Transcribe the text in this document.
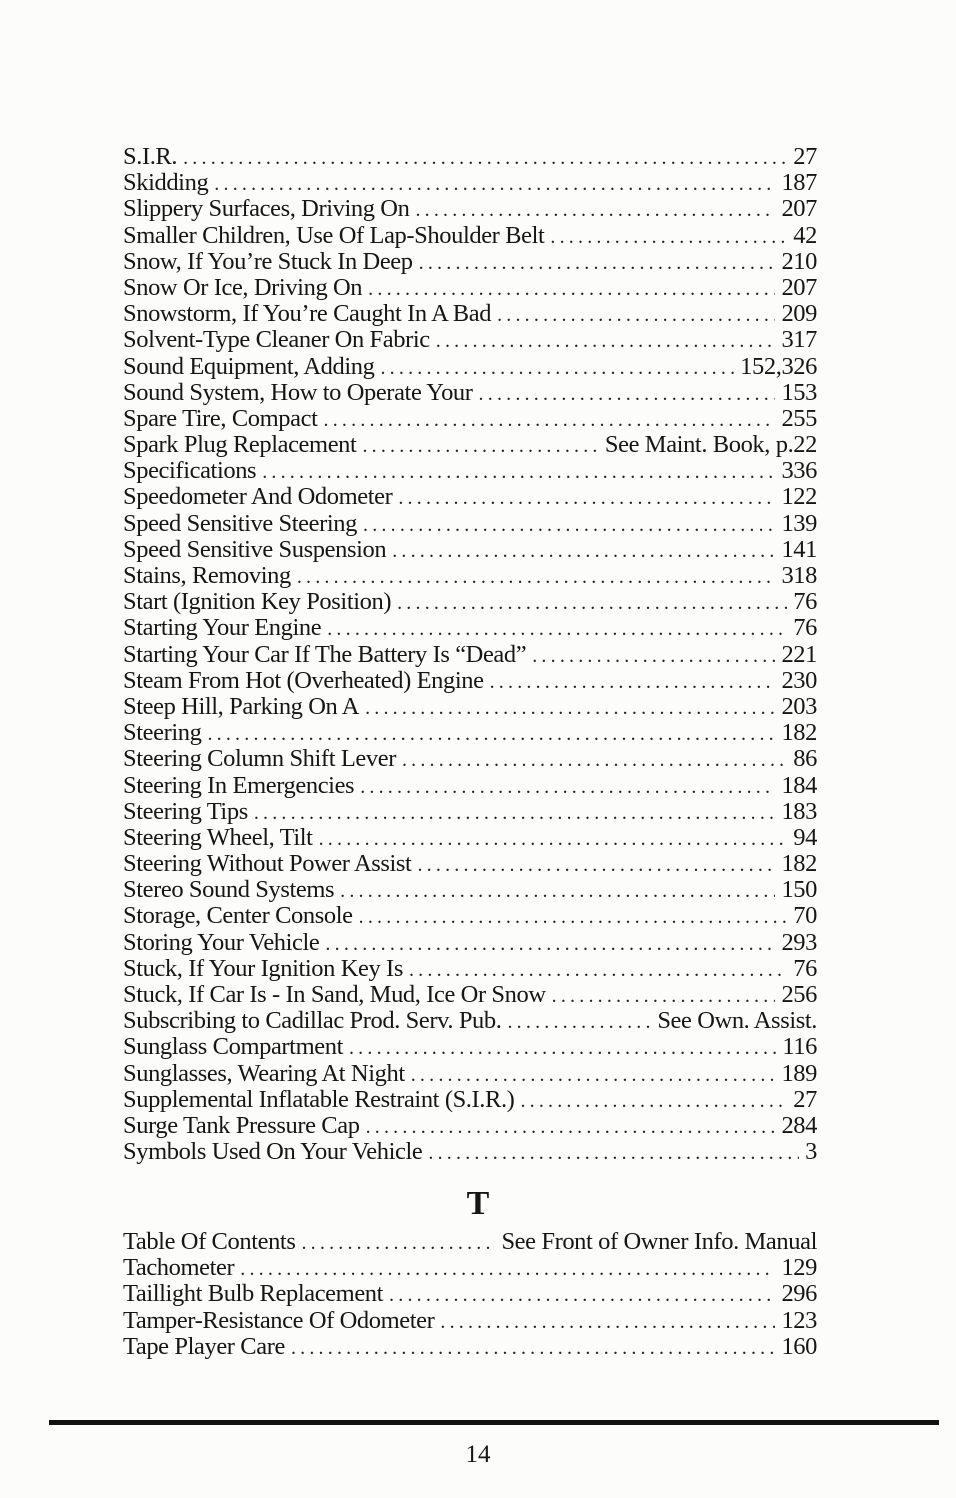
S.I.R. .....	27
Skidding .....	187
Slippery Surfaces, Driving On .....	207
Smaller Children, Use Of Lap-Shoulder Belt .....	42
Snow, If You’re Stuck In Deep .....	210
Snow Or Ice, Driving On .....	207
Snowstorm, If You’re Caught In A Bad .....	209
Solvent-Type Cleaner On Fabric .....	317
Sound Equipment, Adding .....	152,326
Sound System, How to Operate Your .....	153
Spare Tire, Compact .....	255
Spark Plug Replacement .....	See Maint. Book, p.22
Specifications .....	336
Speedometer And Odometer .....	122
Speed Sensitive Steering .....	139
Speed Sensitive Suspension .....	141
Stains, Removing .....	318
Start (Ignition Key Position) .....	76
Starting Your Engine .....	76
Starting Your Car If The Battery Is “Dead” .....	221
Steam From Hot (Overheated) Engine .....	230
Steep Hill, Parking On A .....	203
Steering .....	182
Steering Column Shift Lever .....	86
Steering In Emergencies .....	184
Steering Tips .....	183
Steering Wheel, Tilt .....	94
Steering Without Power Assist .....	182
Stereo Sound Systems .....	150
Storage, Center Console .....	70
Storing Your Vehicle .....	293
Stuck, If Your Ignition Key Is .....	76
Stuck, If Car Is - In Sand, Mud, Ice Or Snow .....	256
Subscribing to Cadillac Prod. Serv. Pub. .....	See Own. Assist.
Sunglass Compartment .....	116
Sunglasses, Wearing At Night .....	189
Supplemental Inflatable Restraint (S.I.R.) .....	27
Surge Tank Pressure Cap .....	284
Symbols Used On Your Vehicle .....	3
T
Table Of Contents .....	See Front of Owner Info. Manual
Tachometer .....	129
Taillight Bulb Replacement .....	296
Tamper-Resistance Of Odometer .....	123
Tape Player Care .....	160
14
